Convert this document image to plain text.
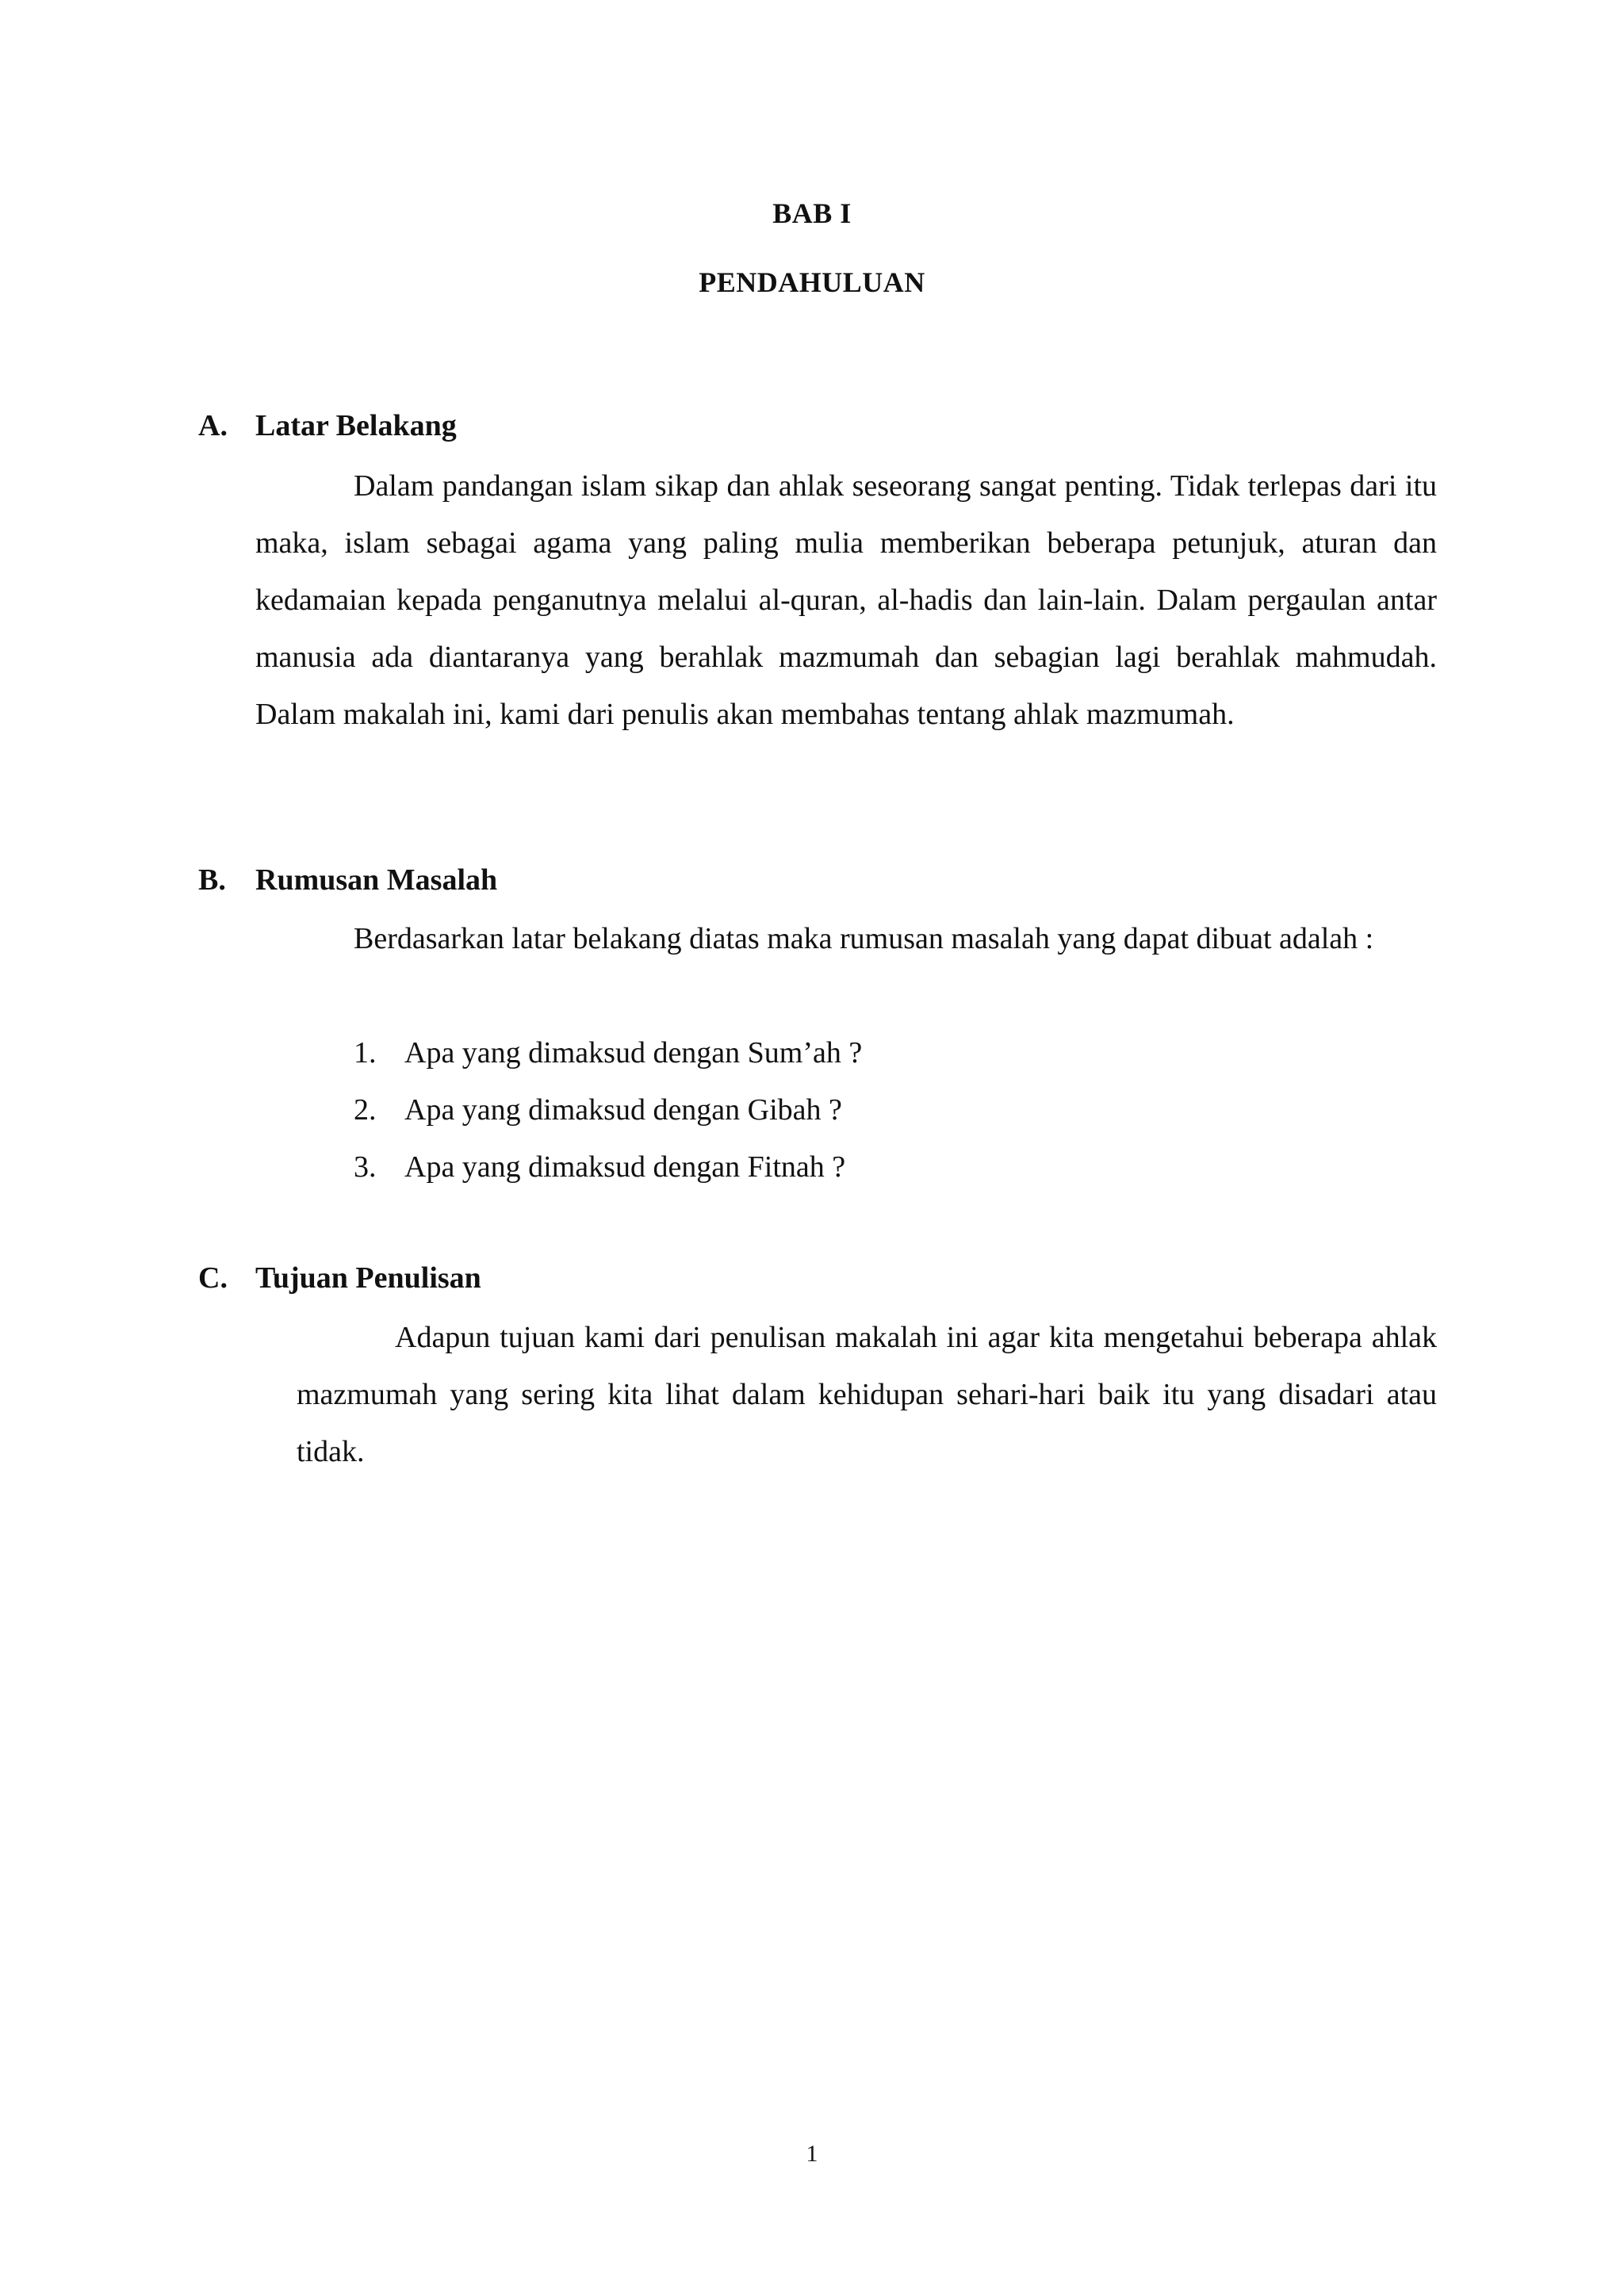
BAB I
PENDAHULUAN
A. Latar Belakang

Dalam pandangan islam sikap dan ahlak seseorang sangat penting. Tidak terlepas dari itu maka, islam sebagai agama yang paling mulia memberikan beberapa petunjuk, aturan dan kedamaian kepada penganutnya melalui al-quran, al-hadis dan lain-lain. Dalam pergaulan antar manusia ada diantaranya yang berahlak mazmumah dan sebagian lagi berahlak mahmudah. Dalam makalah ini, kami dari penulis akan membahas tentang ahlak mazmumah.

B. Rumusan Masalah

Berdasarkan latar belakang diatas maka rumusan masalah yang dapat dibuat adalah :

1. Apa yang dimaksud dengan Sum’ah ?
2. Apa yang dimaksud dengan Gibah ?
3. Apa yang dimaksud dengan Fitnah ?
C. Tujuan Penulisan

Adapun tujuan kami dari penulisan makalah ini agar kita mengetahui beberapa ahlak mazmumah yang sering kita lihat dalam kehidupan sehari-hari baik itu yang disadari atau tidak.

1
